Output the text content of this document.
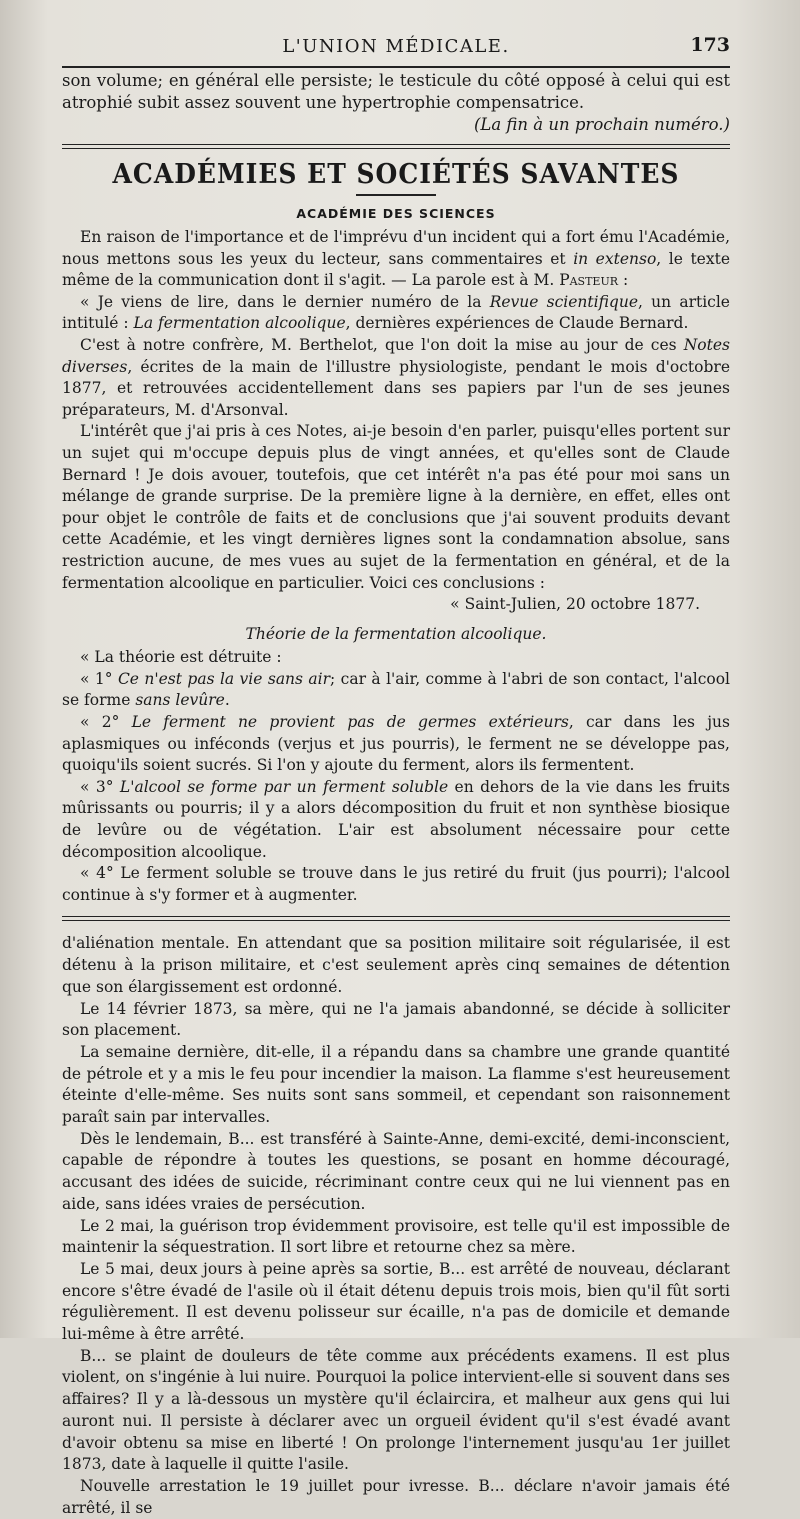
L'UNION MÉDICALE.	173

son volume; en général elle persiste; le testicule du côté opposé à celui qui est atrophié subit assez souvent une hypertrophie compensatrice.

(La fin à un prochain numéro.)

ACADÉMIES ET SOCIÉTÉS SAVANTES
ACADÉMIE DES SCIENCES

En raison de l'importance et de l'imprévu d'un incident qui a fort ému l'Académie, nous mettons sous les yeux du lecteur, sans commentaires et in extenso, le texte même de la communication dont il s'agit. — La parole est à M. Pasteur :

« Je viens de lire, dans le dernier numéro de la Revue scientifique, un article intitulé : La fermentation alcoolique, dernières expériences de Claude Bernard.

C'est à notre confrère, M. Berthelot, que l'on doit la mise au jour de ces Notes diverses, écrites de la main de l'illustre physiologiste, pendant le mois d'octobre 1877, et retrouvées accidentellement dans ses papiers par l'un de ses jeunes préparateurs, M. d'Arsonval.

L'intérêt que j'ai pris à ces Notes, ai-je besoin d'en parler, puisqu'elles portent sur un sujet qui m'occupe depuis plus de vingt années, et qu'elles sont de Claude Bernard ! Je dois avouer, toutefois, que cet intérêt n'a pas été pour moi sans un mélange de grande surprise. De la première ligne à la dernière, en effet, elles ont pour objet le contrôle de faits et de conclusions que j'ai souvent produits devant cette Académie, et les vingt dernières lignes sont la condamnation absolue, sans restriction aucune, de mes vues au sujet de la fermentation en général, et de la fermentation alcoolique en particulier. Voici ces conclusions :

« Saint-Julien, 20 octobre 1877.

Théorie de la fermentation alcoolique.

« La théorie est détruite :

« 1° Ce n'est pas la vie sans air; car à l'air, comme à l'abri de son contact, l'alcool se forme sans levûre.

« 2° Le ferment ne provient pas de germes extérieurs, car dans les jus aplasmiques ou inféconds (verjus et jus pourris), le ferment ne se développe pas, quoiqu'ils soient sucrés. Si l'on y ajoute du ferment, alors ils fermentent.

« 3° L'alcool se forme par un ferment soluble en dehors de la vie dans les fruits mûrissants ou pourris; il y a alors décomposition du fruit et non synthèse biosique de levûre ou de végétation. L'air est absolument nécessaire pour cette décomposition alcoolique.

« 4° Le ferment soluble se trouve dans le jus retiré du fruit (jus pourri); l'alcool continue à s'y former et à augmenter.

d'aliénation mentale. En attendant que sa position militaire soit régularisée, il est détenu à la prison militaire, et c'est seulement après cinq semaines de détention que son élargissement est ordonné.

Le 14 février 1873, sa mère, qui ne l'a jamais abandonné, se décide à solliciter son placement.

La semaine dernière, dit-elle, il a répandu dans sa chambre une grande quantité de pétrole et y a mis le feu pour incendier la maison. La flamme s'est heureusement éteinte d'elle-même. Ses nuits sont sans sommeil, et cependant son raisonnement paraît sain par intervalles.

Dès le lendemain, B... est transféré à Sainte-Anne, demi-excité, demi-inconscient, capable de répondre à toutes les questions, se posant en homme découragé, accusant des idées de suicide, récriminant contre ceux qui ne lui viennent pas en aide, sans idées vraies de persécution.

Le 2 mai, la guérison trop évidemment provisoire, est telle qu'il est impossible de maintenir la séquestration. Il sort libre et retourne chez sa mère.

Le 5 mai, deux jours à peine après sa sortie, B... est arrêté de nouveau, déclarant encore s'être évadé de l'asile où il était détenu depuis trois mois, bien qu'il fût sorti régulièrement. Il est devenu polisseur sur écaille, n'a pas de domicile et demande lui-même à être arrêté.

B... se plaint de douleurs de tête comme aux précédents examens. Il est plus violent, on s'ingénie à lui nuire. Pourquoi la police intervient-elle si souvent dans ses affaires? Il y a là-dessous un mystère qu'il éclaircira, et malheur aux gens qui lui auront nui. Il persiste à déclarer avec un orgueil évident qu'il s'est évadé avant d'avoir obtenu sa mise en liberté ! On prolonge l'internement jusqu'au 1er juillet 1873, date à laquelle il quitte l'asile.

Nouvelle arrestation le 19 juillet pour ivresse. B... déclare n'avoir jamais été arrêté, il se
